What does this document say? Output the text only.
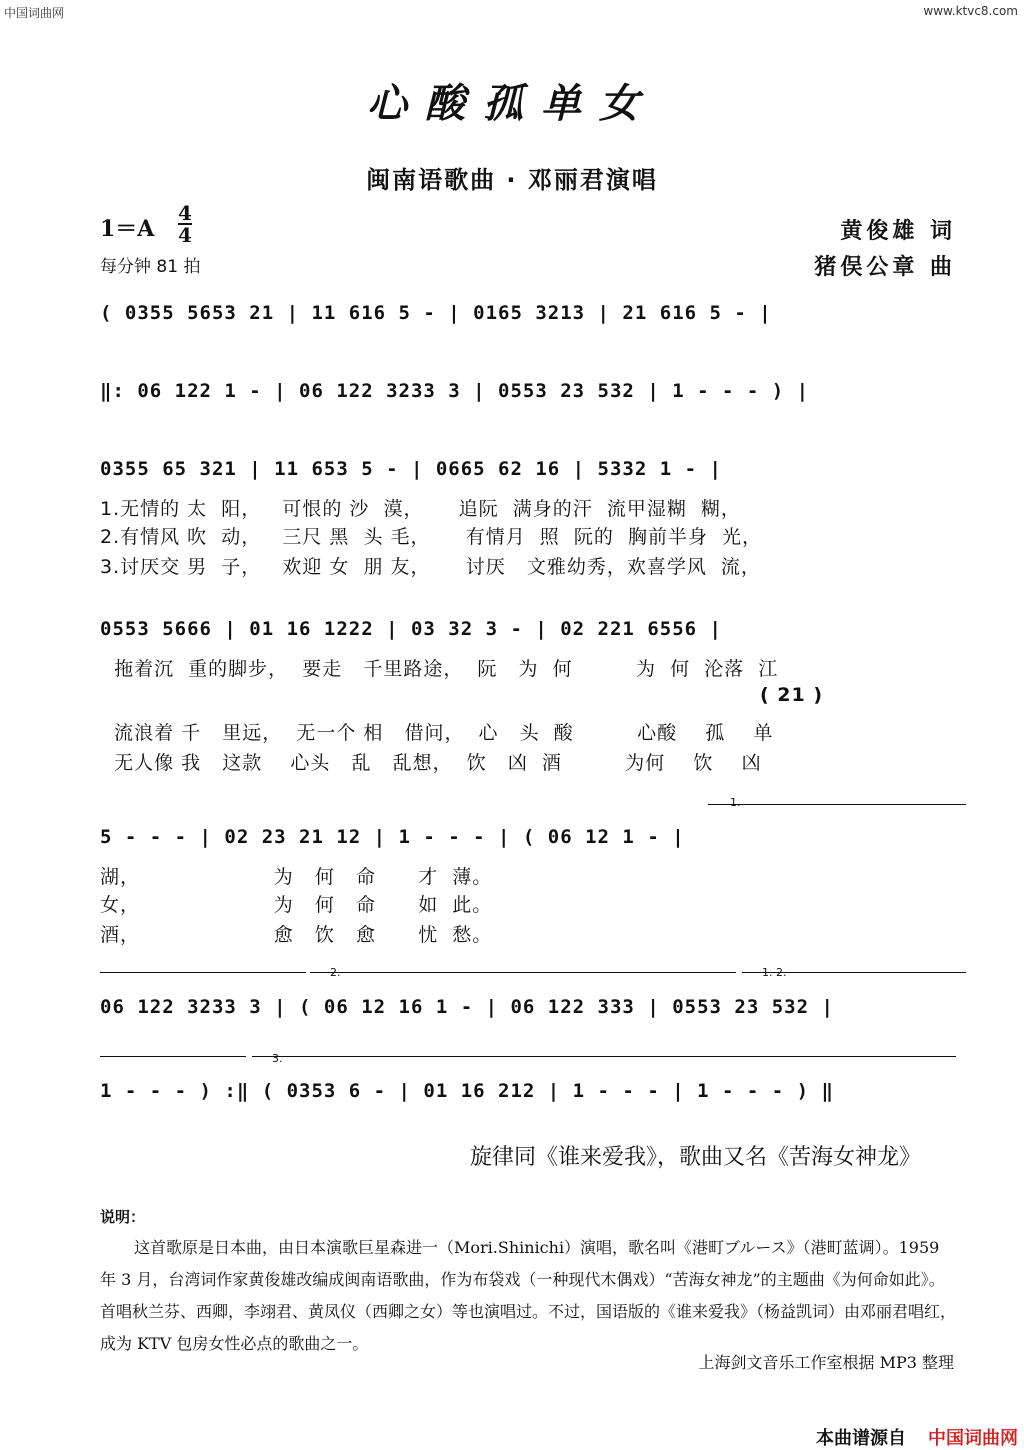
中国词曲网	www.ktvc8.com
心酸孤单女
闽南语歌曲 · 邓丽君演唱
1＝A
4
4
每分钟 81 拍
黄俊雄 词
猪俣公章 曲
( 0355 5653 21 | 11 616 5 - | 0165 3213 | 21 616 5 - |
‖: 06 122 1 - | 06 122 3233 3 | 0553 23 532 | 1 - - - ) |
0355 65 321 | 11 653 5 - | 0665 62 16 | 5332 1 - |
1.无情的 太  阳，   可恨的 沙  漠，     追阮  满身的汗  流甲湿糊  糊，
2.有情风 吹  动，   三尺 黑  头 毛，     有情月  照  阮的  胸前半身  光，
3.讨厌交 男  子，   欢迎 女  朋 友，     讨厌   文雅幼秀，欢喜学风  流，
0553 5666 | 01 16 1222 | 03 32 3 - | 02 221 6556 |
拖着沉  重的脚步，  要走   千里路途，  阮   为  何         为  何  沦落  江
( 21 )
流浪着 千   里远，  无一个 相   借问，  心   头  酸         心酸    孤    单
无人像 我   这款    心头   乱   乱想，  饮   凶  酒         为何    饮    凶
1.
5 - - - | 02 23 21 12 | 1 - - - | ( 06 12 1 - |
湖，                   为   何   命      才  薄。
女，                   为   何   命      如  此。
酒，                   愈   饮   愈      忧  愁。
2.	1. 2.
06 122 3233 3 | ( 06 12 16 1 - | 06 122 333 | 0553 23 532 |
3.
1 - - - ) :‖ ( 0353 6 - | 01 16 212 | 1 - - - | 1 - - - ) ‖
旋律同《谁来爱我》，歌曲又名《苦海女神龙》
说明：
这首歌原是日本曲，由日本演歌巨星森进一（Mori.Shinichi）演唱，歌名叫《港町ブルース》（港町蓝调）。1959 年 3 月，台湾词作家黄俊雄改编成闽南语歌曲，作为布袋戏（一种现代木偶戏）“苦海女神龙”的主题曲《为何命如此》。首唱秋兰芬、西卿，李翊君、黄凤仪（西卿之女）等也演唱过。不过，国语版的《谁来爱我》（杨益凯词）由邓丽君唱红，成为 KTV 包房女性必点的歌曲之一。
上海剑文音乐工作室根据 MP3 整理
本曲谱源自 中国词曲网
